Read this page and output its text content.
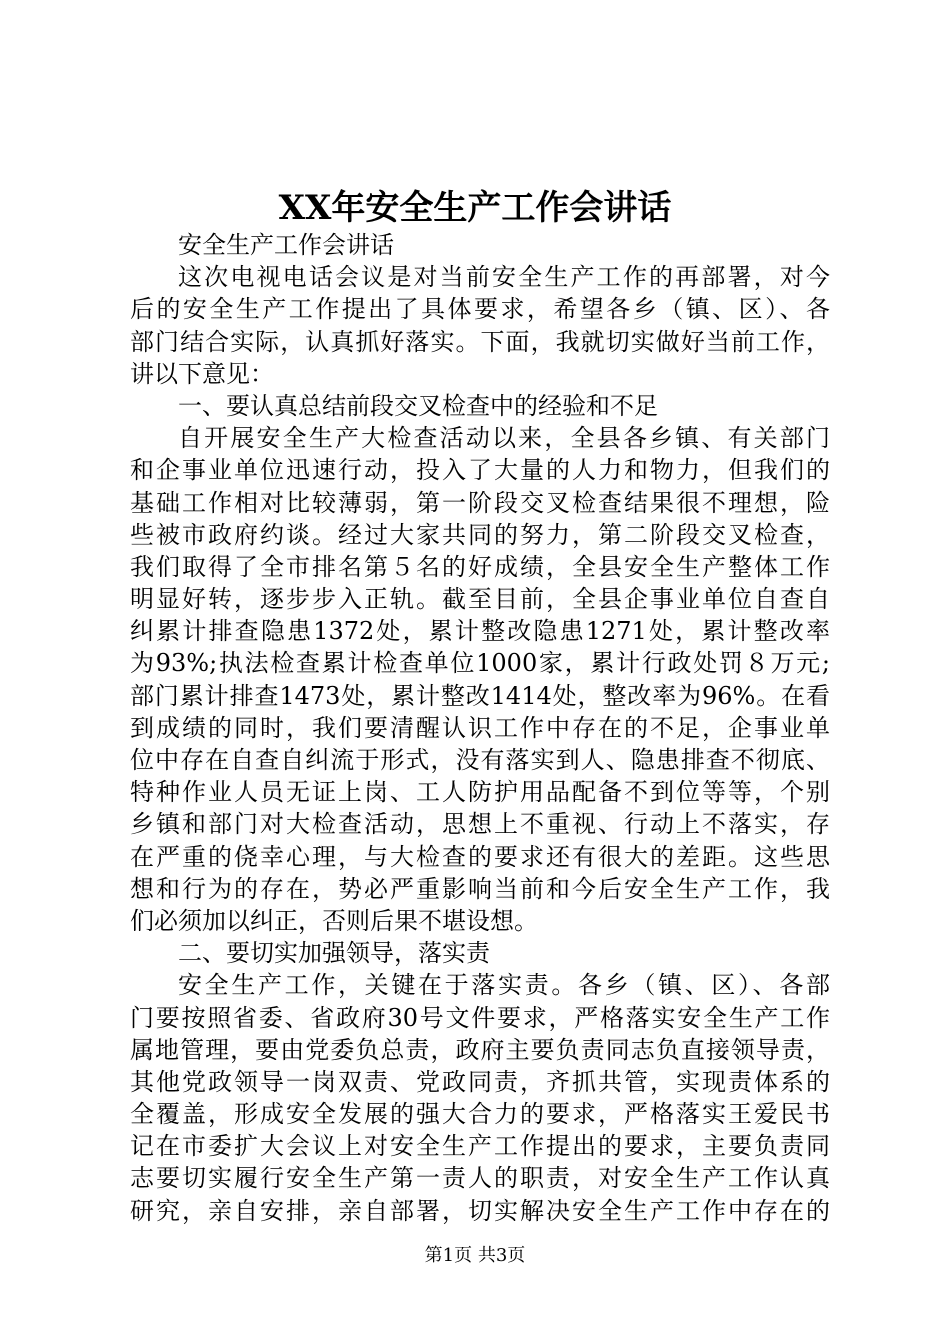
XX年安全生产工作会讲话
安全生产工作会讲话
这次电视电话会议是对当前安全生产工作的再部署，对今
后的安全生产工作提出了具体要求，希望各乡（镇、区）、各
部门结合实际，认真抓好落实。下面，我就切实做好当前工作，
讲以下意见：
一、要认真总结前段交叉检查中的经验和不足
自开展安全生产大检查活动以来，全县各乡镇、有关部门
和企事业单位迅速行动，投入了大量的人力和物力，但我们的
基础工作相对比较薄弱，第一阶段交叉检查结果很不理想，险
些被市政府约谈。经过大家共同的努力，第二阶段交叉检查，
我们取得了全市排名第５名的好成绩，全县安全生产整体工作
明显好转，逐步步入正轨。截至目前，全县企事业单位自查自
纠累计排查隐患1372处，累计整改隐患1271处，累计整改率
为93%;执法检查累计检查单位1000家，累计行政处罚８万元;
部门累计排查1473处，累计整改1414处，整改率为96%。在看
到成绩的同时，我们要清醒认识工作中存在的不足，企事业单
位中存在自查自纠流于形式，没有落实到人、隐患排查不彻底、
特种作业人员无证上岗、工人防护用品配备不到位等等，个别
乡镇和部门对大检查活动，思想上不重视、行动上不落实，存
在严重的侥幸心理，与大检查的要求还有很大的差距。这些思
想和行为的存在，势必严重影响当前和今后安全生产工作，我
们必须加以纠正，否则后果不堪设想。
二、要切实加强领导，落实责
安全生产工作，关键在于落实责。各乡（镇、区）、各部
门要按照省委、省政府30号文件要求，严格落实安全生产工作
属地管理，要由党委负总责，政府主要负责同志负直接领导责，
其他党政领导一岗双责、党政同责，齐抓共管，实现责体系的
全覆盖，形成安全发展的强大合力的要求，严格落实王爱民书
记在市委扩大会议上对安全生产工作提出的要求，主要负责同
志要切实履行安全生产第一责人的职责，对安全生产工作认真
研究，亲自安排，亲自部署，切实解决安全生产工作中存在的
第1页 共3页
